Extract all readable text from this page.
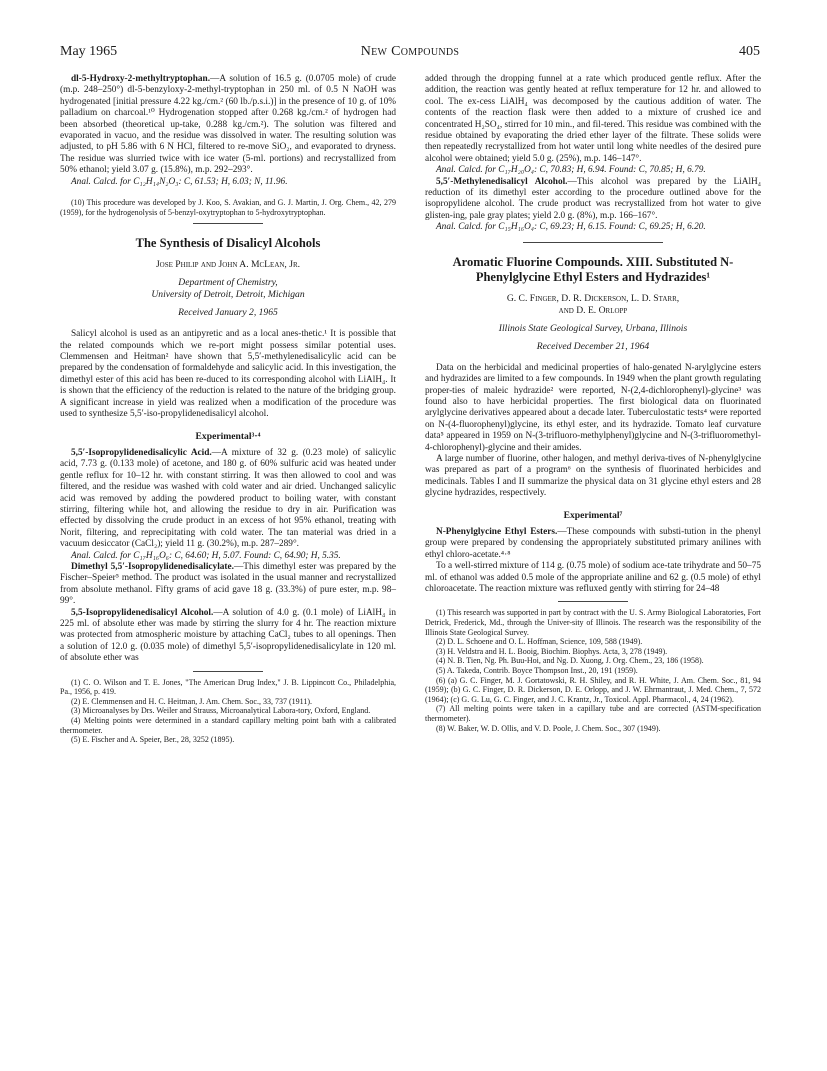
May 1965	New Compounds	405

dl-5-Hydroxy-2-methyltryptophan.—A solution of 16.5 g. (0.0705 mole) of crude (m.p. 248–250°) dl-5-benzyloxy-2-methyl-tryptophan in 250 ml. of 0.5 N NaOH was hydrogenated [initial pressure 4.22 kg./cm.² (60 lb./p.s.i.)] in the presence of 10 g. of 10% palladium on charcoal.¹⁰ Hydrogenation stopped after 0.268 kg./cm.² of hydrogen had been absorbed (theoretical up-take, 0.288 kg./cm.²). The solution was filtered and evaporated in vacuo, and the residue was dissolved in water. The resulting solution was adjusted, to pH 5.86 with 6 N HCl, filtered to re-move SiO₂, and evaporated to dryness. The residue was slurried twice with ice water (5-ml. portions) and recrystallized from 50% ethanol; yield 3.07 g. (15.8%), m.p. 292–293°.

Anal. Calcd. for C₁₂H₁₄N₂O₃: C, 61.53; H, 6.03; N, 11.96.

(10) This procedure was developed by J. Koo, S. Avakian, and G. J. Martin, J. Org. Chem., 42, 279 (1959), for the hydrogenolysis of 5-benzyl-oxytryptophan to 5-hydroxytryptophan.

The Synthesis of Disalicyl Alcohols
Jose Philip and John A. McLean, Jr.
Department of Chemistry,
University of Detroit, Detroit, Michigan
Received January 2, 1965

Salicyl alcohol is used as an antipyretic and as a local anes-thetic.¹ It is possible that the related compounds which we re-port might possess similar potential uses. Clemmensen and Heitman² have shown that 5,5′-methylenedisalicylic acid can be prepared by the condensation of formaldehyde and salicylic acid. In this investigation, the dimethyl ester of this acid has been re-duced to its corresponding alcohol with LiAlH₄. It is shown that the efficiency of the reduction is related to the nature of the bridging group. A significant increase in yield was realized when a modification of the procedure was used to synthesize 5,5′-iso-propylidenedisalicyl alcohol.

Experimental³·⁴

5,5′-Isopropylidenedisalicylic Acid.—A mixture of 32 g. (0.23 mole) of salicylic acid, 7.73 g. (0.133 mole) of acetone, and 180 g. of 60% sulfuric acid was heated under gentle reflux for 10–12 hr. with constant stirring. It was then allowed to cool and was filtered, and the residue was washed with cold water and air dried. Unchanged salicylic acid was removed by adding the powdered product to boiling water, with constant stirring, filtering while hot, and allowing the residue to dry in air. Purification was effected by dissolving the crude product in an excess of hot 95% ethanol, treating with Norit, filtering, and reprecipitating with cold water. The tan material was dried in a vacuum desiccator (CaCl₂); yield 11 g. (30.2%), m.p. 287–289°.

Anal. Calcd. for C₁₇H₁₆O₆: C, 64.60; H, 5.07. Found: C, 64.90; H, 5.35.

Dimethyl 5,5′-Isopropylidenedisalicylate.—This dimethyl ester was prepared by the Fischer–Speier⁵ method. The product was isolated in the usual manner and recrystallized from absolute methanol. Fifty grams of acid gave 18 g. (33.3%) of pure ester, m.p. 98–99°.

5,5-Isopropylidenedisalicyl Alcohol.—A solution of 4.0 g. (0.1 mole) of LiAlH₄ in 225 ml. of absolute ether was made by stirring the slurry for 4 hr. The reaction mixture was protected from atmospheric moisture by attaching CaCl₂ tubes to all openings. Then a solution of 12.0 g. (0.035 mole) of dimethyl 5,5′-isopropylidenedisalicylate in 120 ml. of absolute ether was

(1) C. O. Wilson and T. E. Jones, "The American Drug Index," J. B. Lippincott Co., Philadelphia, Pa., 1956, p. 419.

(2) E. Clemmensen and H. C. Heitman, J. Am. Chem. Soc., 33, 737 (1911).

(3) Microanalyses by Drs. Weiler and Strauss, Microanalytical Labora-tory, Oxford, England.

(4) Melting points were determined in a standard capillary melting point bath with a calibrated thermometer.

(5) E. Fischer and A. Speier, Ber., 28, 3252 (1895).

added through the dropping funnel at a rate which produced gentle reflux. After the addition, the reaction was gently heated at reflux temperature for 12 hr. and allowed to cool. The ex-cess LiAlH₄ was decomposed by the cautious addition of water. The contents of the reaction flask were then added to a mixture of crushed ice and concentrated H₂SO₄, stirred for 10 min., and fil-tered. This residue was combined with the residue obtained by evaporating the dried ether layer of the filtrate. These solids were then repeatedly recrystallized from hot water until long white needles of the desired pure alcohol were obtained; yield 5.0 g. (25%), m.p. 146–147°.

Anal. Calcd. for C₁₇H₂₀O₄: C, 70.83; H, 6.94. Found: C, 70.85; H, 6.79.

5,5′-Methylenedisalicyl Alcohol.—This alcohol was prepared by the LiAlH₄ reduction of its dimethyl ester according to the procedure outlined above for the isopropylidene alcohol. The crude product was recrystallized from hot water to give glisten-ing, pale gray plates; yield 2.0 g. (8%), m.p. 166–167°.

Anal. Calcd. for C₁₅H₁₆O₄: C, 69.23; H, 6.15. Found: C, 69.25; H, 6.20.

Aromatic Fluorine Compounds. XIII. Substituted N-Phenylglycine Ethyl Esters and Hydrazides¹
G. C. Finger, D. R. Dickerson, L. D. Starr,
and D. E. Orlopp
Illinois State Geological Survey, Urbana, Illinois
Received December 21, 1964

Data on the herbicidal and medicinal properties of halo-genated N-arylglycine esters and hydrazides are limited to a few compounds. In 1949 when the plant growth regulating proper-ties of maleic hydrazide² were reported, N-(2,4-dichlorophenyl)-glycine³ was found also to have herbicidal properties. The first biological data on fluorinated arylglycine derivatives appeared about a decade later. Tuberculostatic tests⁴ were reported on N-(4-fluorophenyl)glycine, its ethyl ester, and its hydrazide. Tomato leaf curvature data⁵ appeared in 1959 on N-(3-trifluoro-methylphenyl)glycine and N-(3-trifluoromethyl-4-chlorophenyl)-glycine and their amides.

A large number of fluorine, other halogen, and methyl deriva-tives of N-phenylglycine was prepared as part of a program⁶ on the synthesis of fluorinated herbicides and medicinals. Tables I and II summarize the physical data on 31 glycine ethyl esters and 28 glycine hydrazides, respectively.

Experimental⁷

N-Phenylglycine Ethyl Esters.—These compounds with substi-tution in the phenyl group were prepared by condensing the appropriately substituted primary anilines with ethyl chloro-acetate.⁴·⁸

To a well-stirred mixture of 114 g. (0.75 mole) of sodium ace-tate trihydrate and 50–75 ml. of ethanol was added 0.5 mole of the appropriate aniline and 62 g. (0.5 mole) of ethyl chloroacetate. The reaction mixture was refluxed gently with stirring for 24–48

(1) This research was supported in part by contract with the U. S. Army Biological Laboratories, Fort Detrick, Frederick, Md., through the Univer-sity of Illinois. The research was the responsibility of the Illinois State Geological Survey.

(2) D. L. Schoene and O. L. Hoffman, Science, 109, 588 (1949).

(3) H. Veldstra and H. L. Booig, Biochim. Biophys. Acta, 3, 278 (1949).

(4) N. B. Tien, Ng. Ph. Buu-Hoi, and Ng. D. Xuong, J. Org. Chem., 23, 186 (1958).

(5) A. Takeda, Contrib. Boyce Thompson Inst., 20, 191 (1959).

(6) (a) G. C. Finger, M. J. Gortatowski, R. H. Shiley, and R. H. White, J. Am. Chem. Soc., 81, 94 (1959); (b) G. C. Finger, D. R. Dickerson, D. E. Orlopp, and J. W. Ehrmantraut, J. Med. Chem., 7, 572 (1964); (c) G. G. Lu, G. C. Finger, and J. C. Krantz, Jr., Toxicol. Appl. Pharmacol., 4, 24 (1962).

(7) All melting points were taken in a capillary tube and are corrected (ASTM-specification thermometer).

(8) W. Baker, W. D. Ollis, and V. D. Poole, J. Chem. Soc., 307 (1949).
